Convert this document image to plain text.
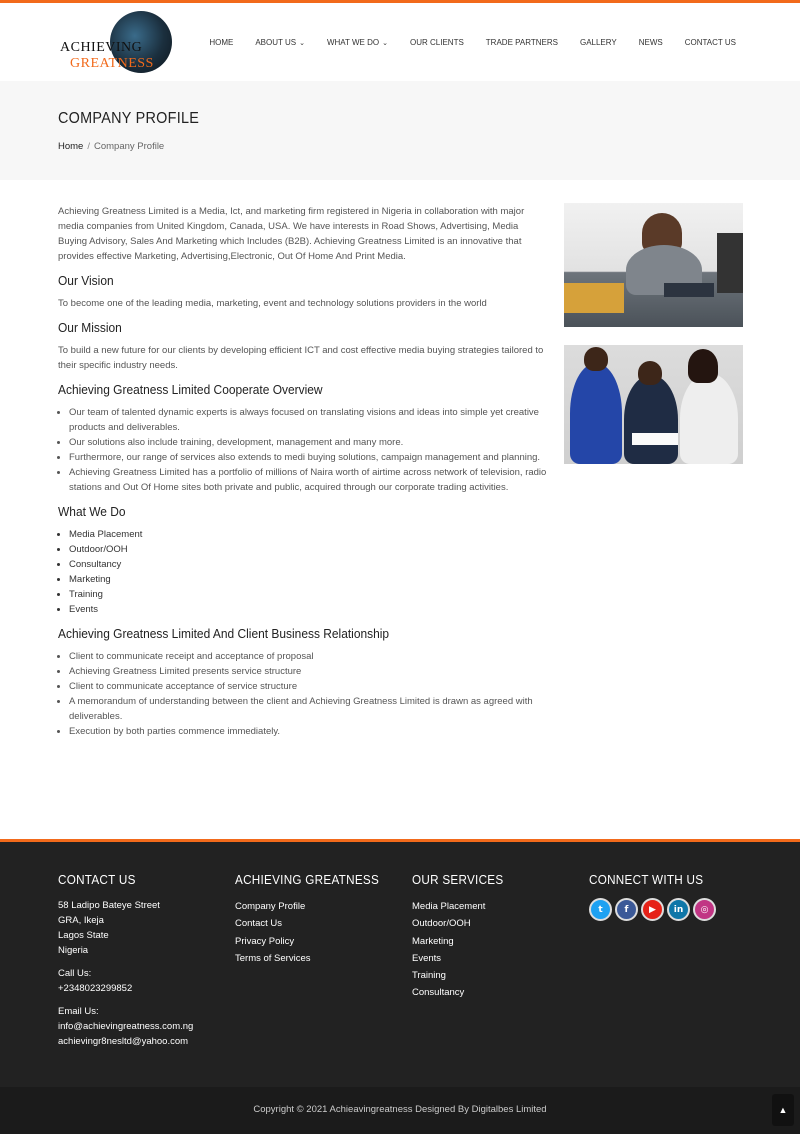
ACHIEVING
GREATNESS
HOME	ABOUT US ⌄	WHAT WE DO ⌄	OUR CLIENTS	TRADE PARTNERS	GALLERY	NEWS	CONTACT US
COMPANY PROFILE
Home / Company Profile

Achieving Greatness Limited is a Media, Ict, and marketing firm registered in Nigeria in collaboration with major media companies from United Kingdom, Canada, USA. We have interests in Road Shows, Advertising, Media Buying Advisory, Sales And Marketing which Includes (B2B). Achieving Greatness Limited is an innovative that provides effective Marketing, Advertising,Electronic, Out Of Home And Print Media.

Our Vision

To become one of the leading media, marketing, event and technology solutions providers in the world

Our Mission

To build a new future for our clients by developing efficient ICT and cost effective media buying strategies tailored to their specific industry needs.

Achieving Greatness Limited Cooperate Overview
• Our team of talented dynamic experts is always focused on translating visions and ideas into simple yet creative products and deliverables.
• Our solutions also include training, development, management and many more.
• Furthermore, our range of services also extends to medi buying solutions, campaign management and planning.
• Achieving Greatness Limited has a portfolio of millions of Naira worth of airtime across network of television, radio stations and Out Of Home sites both private and public, acquired through our corporate trading activities.
What We Do
• Media Placement
• Outdoor/OOH
• Consultancy
• Marketing
• Training
• Events
Achieving Greatness Limited And Client Business Relationship
• Client to communicate receipt and acceptance of proposal
• Achieving Greatness Limited presents service structure
• Client to communicate acceptance of service structure
• A memorandum of understanding between the client and Achieving Greatness Limited is drawn as agreed with deliverables.
• Execution by both parties commence immediately.
CONTACT US
58 Ladipo Bateye Street
GRA, Ikeja
Lagos State
Nigeria
Call Us:
+2348023299852
Email Us:
info@achievingreatness.com.ng
achievingr8nesltd@yahoo.com
ACHIEVING GREATNESS
Company Profile
Contact Us
Privacy Policy
Terms of Services
OUR SERVICES
Media Placement
Outdoor/OOH
Marketing
Events
Training
Consultancy
CONNECT WITH US
t	f	▶	in	◎
Copyright © 2021 Achieavingreatness Designed By Digitalbes Limited	▲
